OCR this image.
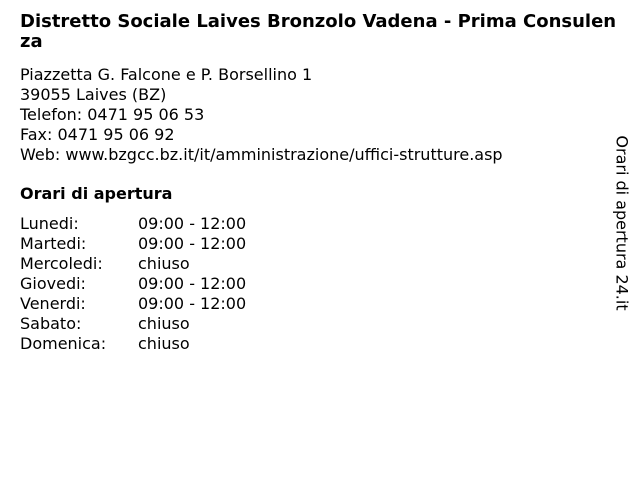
Distretto Sociale Laives Bronzolo Vadena - Prima Consulenza
Piazzetta G. Falcone e P. Borsellino 1
39055 Laives (BZ)
Telefon: 0471 95 06 53
Fax: 0471 95 06 92
Web: www.bzgcc.bz.it/it/amministrazione/uffici-strutture.asp
Orari di apertura
Lunedi:	09:00 - 12:00
Martedi:	09:00 - 12:00
Mercoledi:	chiuso
Giovedi:	09:00 - 12:00
Venerdi:	09:00 - 12:00
Sabato:	chiuso
Domenica:	chiuso
Orari di apertura 24.it
